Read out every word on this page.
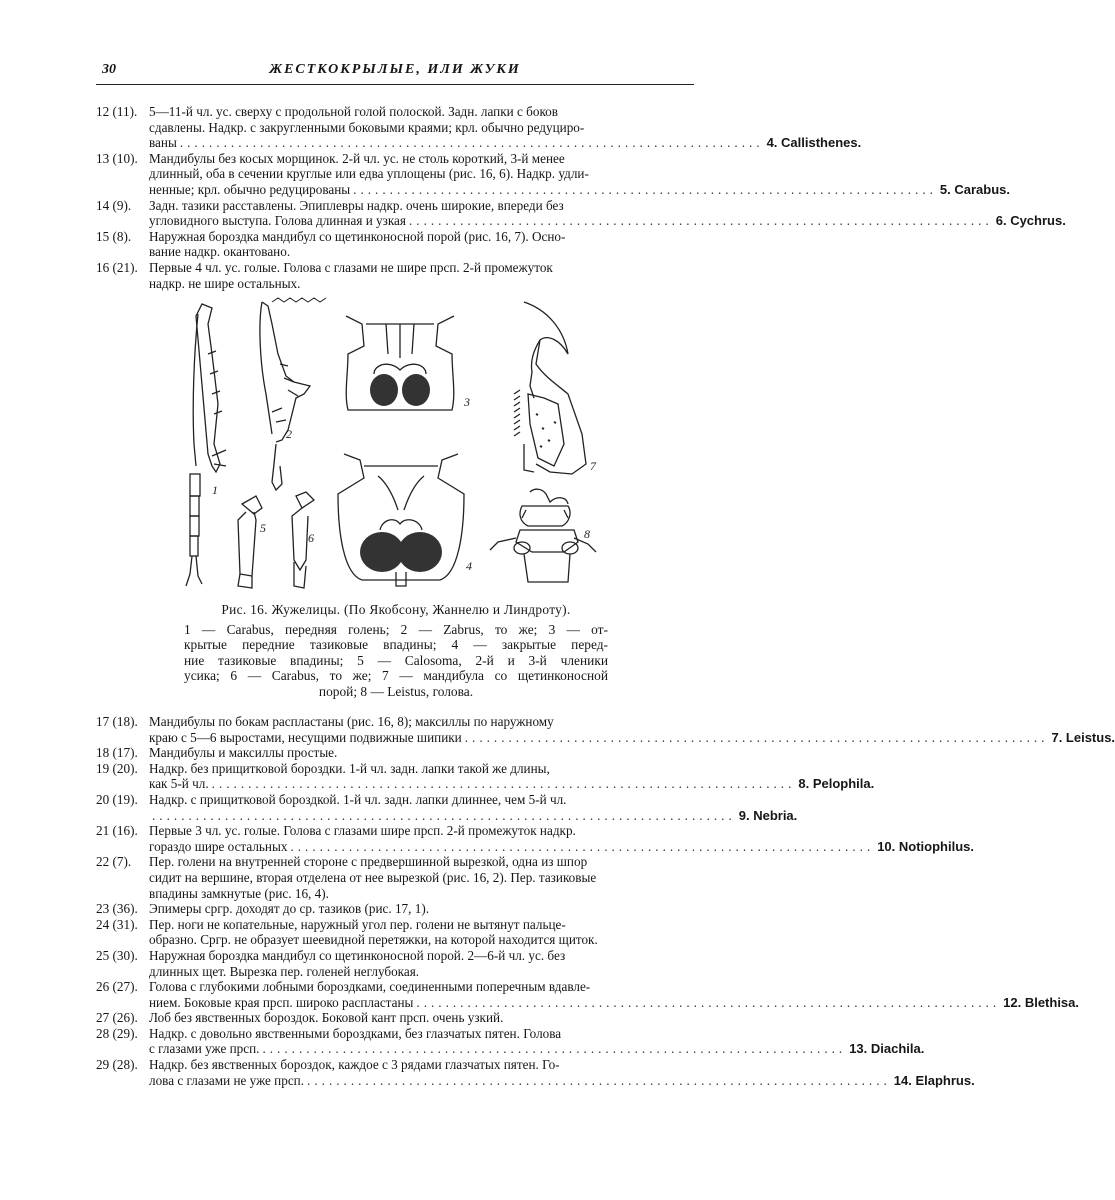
30	ЖЕСТКОКРЫЛЫЕ, ИЛИ ЖУКИ
12 (11). 5—11-й чл. ус. сверху с продольной голой полоской. Задн. лапки с боков
сдавлены. Надкр. с закругленными боковыми краями; крл. обычно редуциро-
ваны ................................................................................ 4. Callisthenes.
13 (10). Мандибулы без косых морщинок. 2-й чл. ус. не столь короткий, 3-й менее
длинный, оба в сечении круглые или едва уплощены (рис. 16, 6). Надкр. удли-
ненные; крл. обычно редуцированы ................................................................................ 5. Carabus.
14 (9). Задн. тазики расставлены. Эпиплевры надкр. очень широкие, впереди без
угловидного выступа. Голова длинная и узкая ................................................................................ 6. Cychrus.
15 (8). Наружная бороздка мандибул со щетинконосной порой (рис. 16, 7). Осно-
вание надкр. окантовано.
16 (21). Первые 4 чл. ус. голые. Голова с глазами не шире прсп. 2-й промежуток
надкр. не шире остальных.
1
2
3
4
5
6
7
8
Рис. 16. Жужелицы. (По Якобсону, Жаннелю и Линдроту).
1 — Carabus, передняя голень; 2 — Zabrus, то же; 3 — от-
крытые передние тазиковые впадины; 4 — закрытые перед-
ние тазиковые впадины; 5 — Calosoma, 2-й и 3-й членики
усика; 6 — Carabus, то же; 7 — мандибула со щетинконосной
порой; 8 — Leistus, голова.
17 (18). Мандибулы по бокам распластаны (рис. 16, 8); максиллы по наружному
краю с 5—6 выростами, несущими подвижные шипики ................................................................................ 7. Leistus.
18 (17). Мандибулы и максиллы простые.
19 (20). Надкр. без прищитковой бороздки. 1-й чл. задн. лапки такой же длины,
как 5-й чл. ................................................................................ 8. Pelophila.
20 (19). Надкр. с прищитковой бороздкой. 1-й чл. задн. лапки длиннее, чем 5-й чл.
................................................................................ 9. Nebria.
21 (16). Первые 3 чл. ус. голые. Голова с глазами шире прсп. 2-й промежуток надкр.
гораздо шире остальных ................................................................................ 10. Notiophilus.
22 (7). Пер. голени на внутренней стороне с предвершинной вырезкой, одна из шпор
сидит на вершине, вторая отделена от нее вырезкой (рис. 16, 2). Пер. тазиковые
впадины замкнутые (рис. 16, 4).
23 (36). Эпимеры сргр. доходят до ср. тазиков (рис. 17, 1).
24 (31). Пер. ноги не копательные, наружный угол пер. голени не вытянут пальце-
образно. Сргр. не образует шеевидной перетяжки, на которой находится щиток.
25 (30). Наружная бороздка мандибул со щетинконосной порой. 2—6-й чл. ус. без
длинных щет. Вырезка пер. голеней неглубокая.
26 (27). Голова с глубокими лобными бороздками, соединенными поперечным вдавле-
нием. Боковые края прсп. широко распластаны ................................................................................ 12. Blethisa.
27 (26). Лоб без явственных бороздок. Боковой кант прсп. очень узкий.
28 (29). Надкр. с довольно явственными бороздками, без глазчатых пятен. Голова
с глазами уже прсп. ................................................................................ 13. Diachila.
29 (28). Надкр. без явственных бороздок, каждое с 3 рядами глазчатых пятен. Го-
лова с глазами не уже прсп. ................................................................................ 14. Elaphrus.
